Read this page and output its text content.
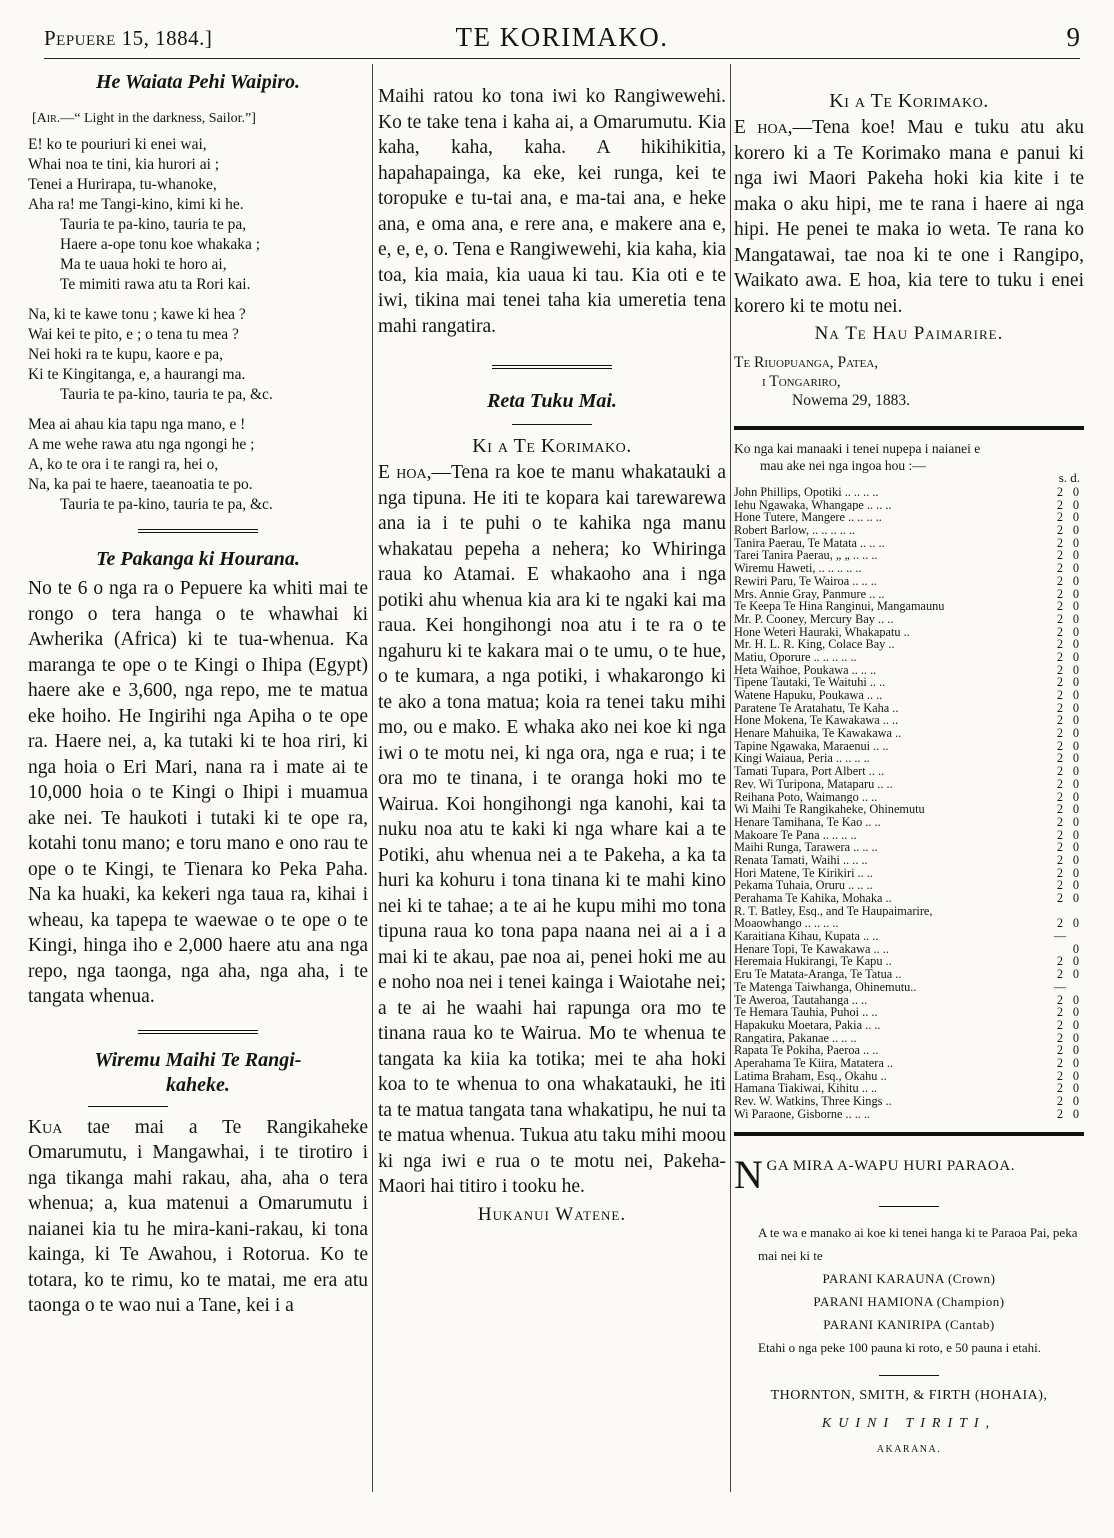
Pepuere 15, 1884.]	TE KORIMAKO.	9
He Waiata Pehi Waipiro.
[Air.—“ Light in the darkness, Sailor.”]
E! ko te pouriuri ki enei wai,
Whai noa te tini, kia hurori ai ;
Tenei a Hurirapa, tu-whanoke,
Aha ra! me Tangi-kino, kimi ki he.
Tauria te pa-kino, tauria te pa,
Haere a-ope tonu koe whakaka ;
Ma te uaua hoki te horo ai,
Te mimiti rawa atu ta Rori kai.
Na, ki te kawe tonu ; kawe ki hea ?
Wai kei te pito, e ; o tena tu mea ?
Nei hoki ra te kupu, kaore e pa,
Ki te Kingitanga, e, a haurangi ma.
Tauria te pa-kino, tauria te pa, &c.
Mea ai ahau kia tapu nga mano, e !
A me wehe rawa atu nga ngongi he ;
A, ko te ora i te rangi ra, hei o,
Na, ka pai te haere, taeanoatia te po.
Tauria te pa-kino, tauria te pa, &c.
Te Pakanga ki Hourana.

No te 6 o nga ra o Pepuere ka whiti mai te rongo o tera hanga o te whawhai ki Awherika (Africa) ki te tua-whenua. Ka maranga te ope o te Kingi o Ihipa (Egypt) haere ake e 3,600, nga repo, me te matua eke hoiho. He Ingirihi nga Apiha o te ope ra. Haere nei, a, ka tutaki ki te hoa riri, ki nga hoia o Eri Mari, nana ra i mate ai te 10,000 hoia o te Kingi o Ihipi i muamua ake nei. Te haukoti i tutaki ki te ope ra, kotahi tonu mano; e toru mano e ono rau te ope o te Kingi, te Tienara ko Peka Paha. Na ka huaki, ka kekeri nga taua ra, kihai i wheau, ka tapepa te waewae o te ope o te Kingi, hinga iho e 2,000 haere atu ana nga repo, nga taonga, nga aha, nga aha, i te tangata whenua.

Wiremu Maihi Te Rangi-
kaheke.

Kua tae mai a Te Rangikaheke Omarumutu, i Mangawhai, i te tirotiro i nga tikanga mahi rakau, aha, aha o tera whenua; a, kua matenui a Omarumutu i naianei kia tu he mira-kani-rakau, ki tona kainga, ki Te Awahou, i Rotorua. Ko te totara, ko te rimu, ko te matai, me era atu taonga o te wao nui a Tane, kei i a

Maihi ratou ko tona iwi ko Rangiwewehi. Ko te take tena i kaha ai, a Omarumutu. Kia kaha, kaha, kaha. A hikihikitia, hapahapainga, ka eke, kei runga, kei te toropuke e tu-tai ana, e ma-tai ana, e heke ana, e oma ana, e rere ana, e makere ana e, e, e, e, o. Tena e Rangiwewehi, kia kaha, kia toa, kia maia, kia uaua ki tau. Kia oti e te iwi, tikina mai tenei taha kia umeretia tena mahi rangatira.

Reta Tuku Mai.
Ki a Te Korimako.

E hoa,—Tena ra koe te manu whakatauki a nga tipuna. He iti te kopara kai tarewarewa ana ia i te puhi o te kahika nga manu whakatau pepeha a nehera; ko Whiringa raua ko Atamai. E whakaoho ana i nga potiki ahu whenua kia ara ki te ngaki kai ma raua. Kei hongihongi noa atu i te ra o te ngahuru ki te kakara mai o te umu, o te hue, o te kumara, a nga potiki, i whakarongo ki te ako a tona matua; koia ra tenei taku mihi mo, ou e mako. E whaka ako nei koe ki nga iwi o te motu nei, ki nga ora, nga e rua; i te ora mo te tinana, i te oranga hoki mo te Wairua. Koi hongihongi nga kanohi, kai ta nuku noa atu te kaki ki nga whare kai a te Potiki, ahu whenua nei a te Pakeha, a ka ta huri ka kohuru i tona tinana ki te mahi kino nei ki te tahae; a te ai he kupu mihi mo tona tipuna raua ko tona papa naana nei ai a i a mai ki te akau, pae noa ai, penei hoki me au e noho noa nei i tenei kainga i Waiotahe nei; a te ai he waahi hai rapunga ora mo te tinana raua ko te Wairua. Mo te whenua te tangata ka kiia ka totika; mei te aha hoki koa to te whenua to ona whakatauki, he iti ta te matua tangata tana whakatipu, he nui ta te matua whenua. Tukua atu taku mihi moou ki nga iwi e rua o te motu nei, Pakeha-Maori hai titiro i tooku he.

Hukanui Watene.
Ki a Te Korimako.

E hoa,—Tena koe! Mau e tuku atu aku korero ki a Te Korimako mana e panui ki nga iwi Maori Pakeha hoki kia kite i te maka o aku hipi, me te rana i haere ai nga hipi. He penei te maka io weta. Te rana ko Mangatawai, tae noa ki te one i Rangipo, Waikato awa. E hoa, kia tere to tuku i enei korero ki te motu nei.

Na Te Hau Paimarire.
Te Riuopuanga, Patea,
i Tongariro,
Nowema 29, 1883.
Ko nga kai manaaki i tenei nupepa i naianei e
mau ake nei nga ingoa hou :—
s. d.
John Phillips, Opotiki .. .. .. ..	2 0
Iehu Ngawaka, Whangape .. .. ..	2 0
Hone Tutere, Mangere .. .. .. ..	2 0
Robert Barlow, .. .. .. .. ..	2 0
Tanira Paerau, Te Matata .. .. ..	2 0
Tarei Tanira Paerau, „ „ .. .. ..	2 0
Wiremu Haweti, .. .. .. .. ..	2 0
Rewiri Paru, Te Wairoa .. .. ..	2 0
Mrs. Annie Gray, Panmure .. ..	2 0
Te Keepa Te Hina Ranginui, Mangamaunu	2 0
Mr. P. Cooney, Mercury Bay .. ..	2 0
Hone Weteri Hauraki, Whakapatu ..	2 0
Mr. H. L. R. King, Colace Bay ..	2 0
Matiu, Oporure .. .. .. .. ..	2 0
Heta Waihoe, Poukawa .. .. ..	2 0
Tipene Tautaki, Te Waituhi .. ..	2 0
Watene Hapuku, Poukawa .. ..	2 0
Paratene Te Aratahatu, Te Kaha ..	2 0
Hone Mokena, Te Kawakawa .. ..	2 0
Henare Mahuika, Te Kawakawa ..	2 0
Tapine Ngawaka, Maraenui .. ..	2 0
Kingi Waiaua, Peria .. .. .. ..	2 0
Tamati Tupara, Port Albert .. ..	2 0
Rev. Wi Turipona, Mataparu .. ..	2 0
Reihana Poto, Waimango .. ..	2 0
Wi Maihi Te Rangikaheke, Ohinemutu	2 0
Henare Tamihana, Te Kao .. ..	2 0
Makoare Te Pana .. .. .. ..	2 0
Maihi Runga, Tarawera .. .. ..	2 0
Renata Tamati, Waihi .. .. ..	2 0
Hori Matene, Te Kirikiri .. ..	2 0
Pekama Tuhaia, Oruru .. .. ..	2 0
Perahama Te Kahika, Mohaka ..	2 0
R. T. Batley, Esq., and Te Haupaimarire,
Moaowhango .. .. .. ..	2 0
Karaitiana Kihau, Kupata .. ..	—
Henare Topi, Te Kawakawa .. ..	0
Heremaia Hukirangi, Te Kapu ..	2 0
Eru Te Matata-Aranga, Te Tatua ..	2 0
Te Matenga Taiwhanga, Ohinemutu..	—
Te Aweroa, Tautahanga .. ..	2 0
Te Hemara Tauhia, Puhoi .. ..	2 0
Hapakuku Moetara, Pakia .. ..	2 0
Rangatira, Pakanae .. .. ..	2 0
Rapata Te Pokiha, Paeroa .. ..	2 0
Aperahama Te Kiira, Matatera ..	2 0
Latima Braham, Esq., Okahu ..	2 0
Hamana Tiakiwai, Kihitu .. ..	2 0
Rev. W. Watkins, Three Kings ..	2 0
Wi Paraone, Gisborne .. .. ..	2 0
NGA MIRA A-WAPU HURI PARAOA.
A te wa e manako ai koe ki tenei hanga ki te Paraoa Pai, peka mai nei ki te
PARANI KARAUNA (Crown)
PARANI HAMIONA (Champion)
PARANI KANIRIPA (Cantab)
Etahi o nga peke 100 pauna ki roto, e 50 pauna i etahi.
THORNTON, SMITH, & FIRTH (HOHAIA),
KUINI TIRITI,
AKARANA.
